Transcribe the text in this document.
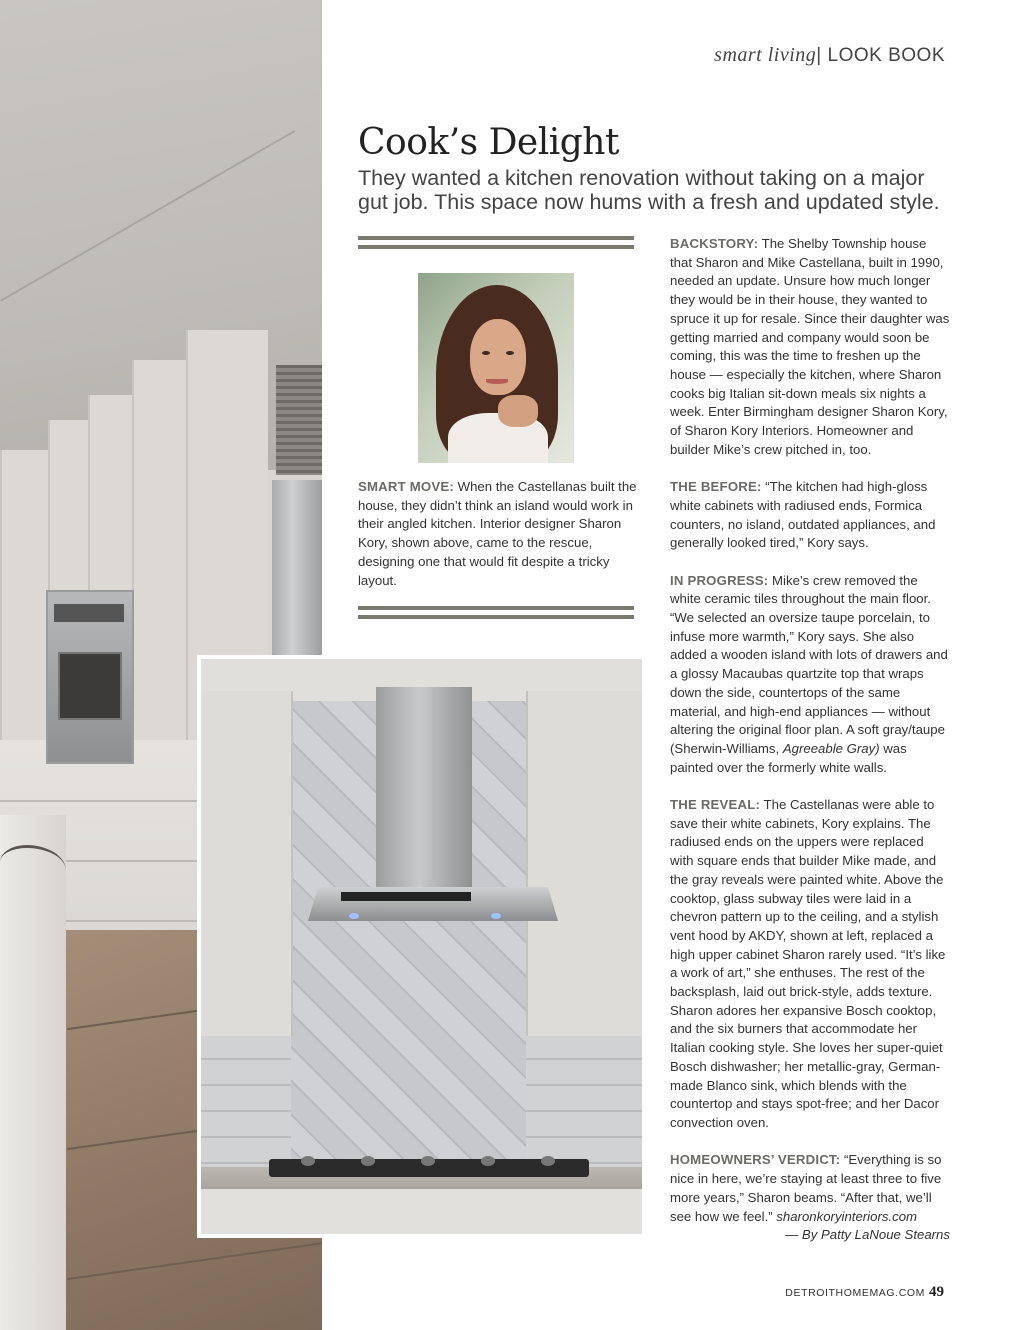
smart living| LOOK BOOK
Cook’s Delight

They wanted a kitchen renovation without taking on a major gut job. This space now hums with a fresh and updated style.

SMART MOVE: When the Castellanas built the house, they didn’t think an island would work in their angled kitchen. Interior designer Sharon Kory, shown above, came to the rescue, designing one that would fit despite a tricky layout.

BACKSTORY: The Shelby Township house that Sharon and Mike Castellana, built in 1990, needed an update. Unsure how much longer they would be in their house, they wanted to spruce it up for resale. Since their daughter was getting married and company would soon be coming, this was the time to freshen up the house — especially the kitchen, where Sharon cooks big Italian sit-down meals six nights a week. Enter Birmingham designer Sharon Kory, of Sharon Kory Interiors. Homeowner and builder Mike’s crew pitched in, too.

THE BEFORE: “The kitchen had high-gloss white cabinets with radiused ends, Formica counters, no island, outdated appliances, and generally looked tired,” Kory says.

IN PROGRESS: Mike’s crew removed the white ceramic tiles throughout the main floor. “We selected an oversize taupe porcelain, to infuse more warmth,” Kory says. She also added a wooden island with lots of drawers and a glossy Macaubas quartzite top that wraps down the side, countertops of the same material, and high-end appliances — without altering the original floor plan. A soft gray/taupe (Sherwin-Williams, Agreeable Gray) was painted over the formerly white walls.

THE REVEAL: The Castellanas were able to save their white cabinets, Kory explains. The radiused ends on the uppers were replaced with square ends that builder Mike made, and the gray reveals were painted white. Above the cooktop, glass subway tiles were laid in a chevron pattern up to the ceiling, and a stylish vent hood by AKDY, shown at left, replaced a high upper cabinet Sharon rarely used. “It’s like a work of art,” she enthuses. The rest of the backsplash, laid out brick-style, adds texture. Sharon adores her expansive Bosch cooktop, and the six burners that accommodate her Italian cooking style. She loves her super-quiet Bosch dishwasher; her metallic-gray, German-made Blanco sink, which blends with the countertop and stays spot-free; and her Dacor convection oven.

HOMEOWNERS’ VERDICT: “Everything is so nice in here, we’re staying at least three to five more years,” Sharon beams. “After that, we’ll see how we feel.” sharonkoryinteriors.com
— By Patty LaNoue Stearns

DETROITHOMEMAG.COM 49
